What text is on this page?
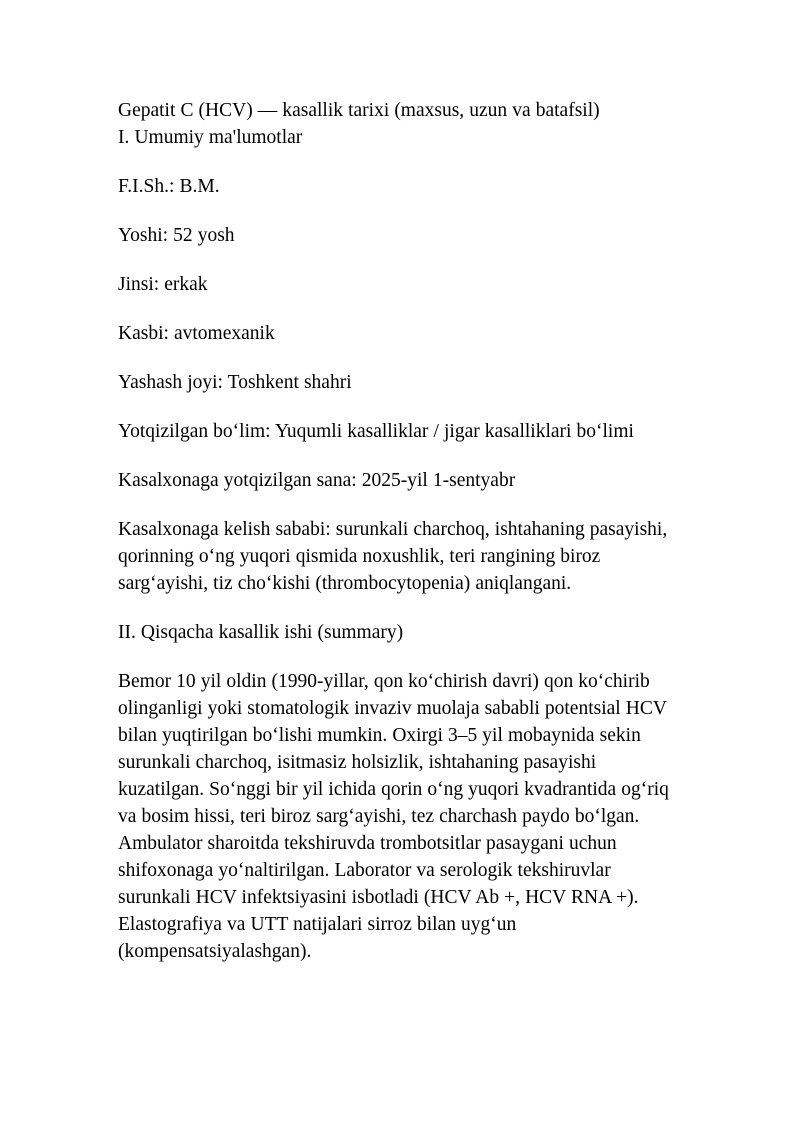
Gepatit C (HCV) — kasallik tarixi (maxsus, uzun va batafsil)

I. Umumiy ma'lumotlar

F.I.Sh.: B.M.

Yoshi: 52 yosh

Jinsi: erkak

Kasbi: avtomexanik

Yashash joyi: Toshkent shahri

Yotqizilgan boʻlim: Yuqumli kasalliklar / jigar kasalliklari boʻlimi

Kasalxonaga yotqizilgan sana: 2025-yil 1-sentyabr

Kasalxonaga kelish sababi: surunkali charchoq, ishtahaning pasayishi, qorinning oʻng yuqori qismida noxushlik, teri rangining biroz sargʻayishi, tiz choʻkishi (thrombocytopenia) aniqlangani.

II. Qisqacha kasallik ishi (summary)

Bemor 10 yil oldin (1990-yillar, qon koʻchirish davri) qon koʻchirib olinganligi yoki stomatologik invaziv muolaja sababli potentsial HCV bilan yuqtirilgan boʻlishi mumkin. Oxirgi 3–5 yil mobaynida sekin surunkali charchoq, isitmasiz holsizlik, ishtahaning pasayishi kuzatilgan. Soʻnggi bir yil ichida qorin oʻng yuqori kvadrantida ogʻriq va bosim hissi, teri biroz sargʻayishi, tez charchash paydo boʻlgan. Ambulator sharoitda tekshiruvda trombotsitlar pasaygani uchun shifoxonaga yoʻnaltirilgan. Laborator va serologik tekshiruvlar surunkali HCV infektsiyasini isbotladi (HCV Ab +, HCV RNA +). Elastografiya va UTT natijalari sirroz bilan uygʻun (kompensatsiyalashgan).
